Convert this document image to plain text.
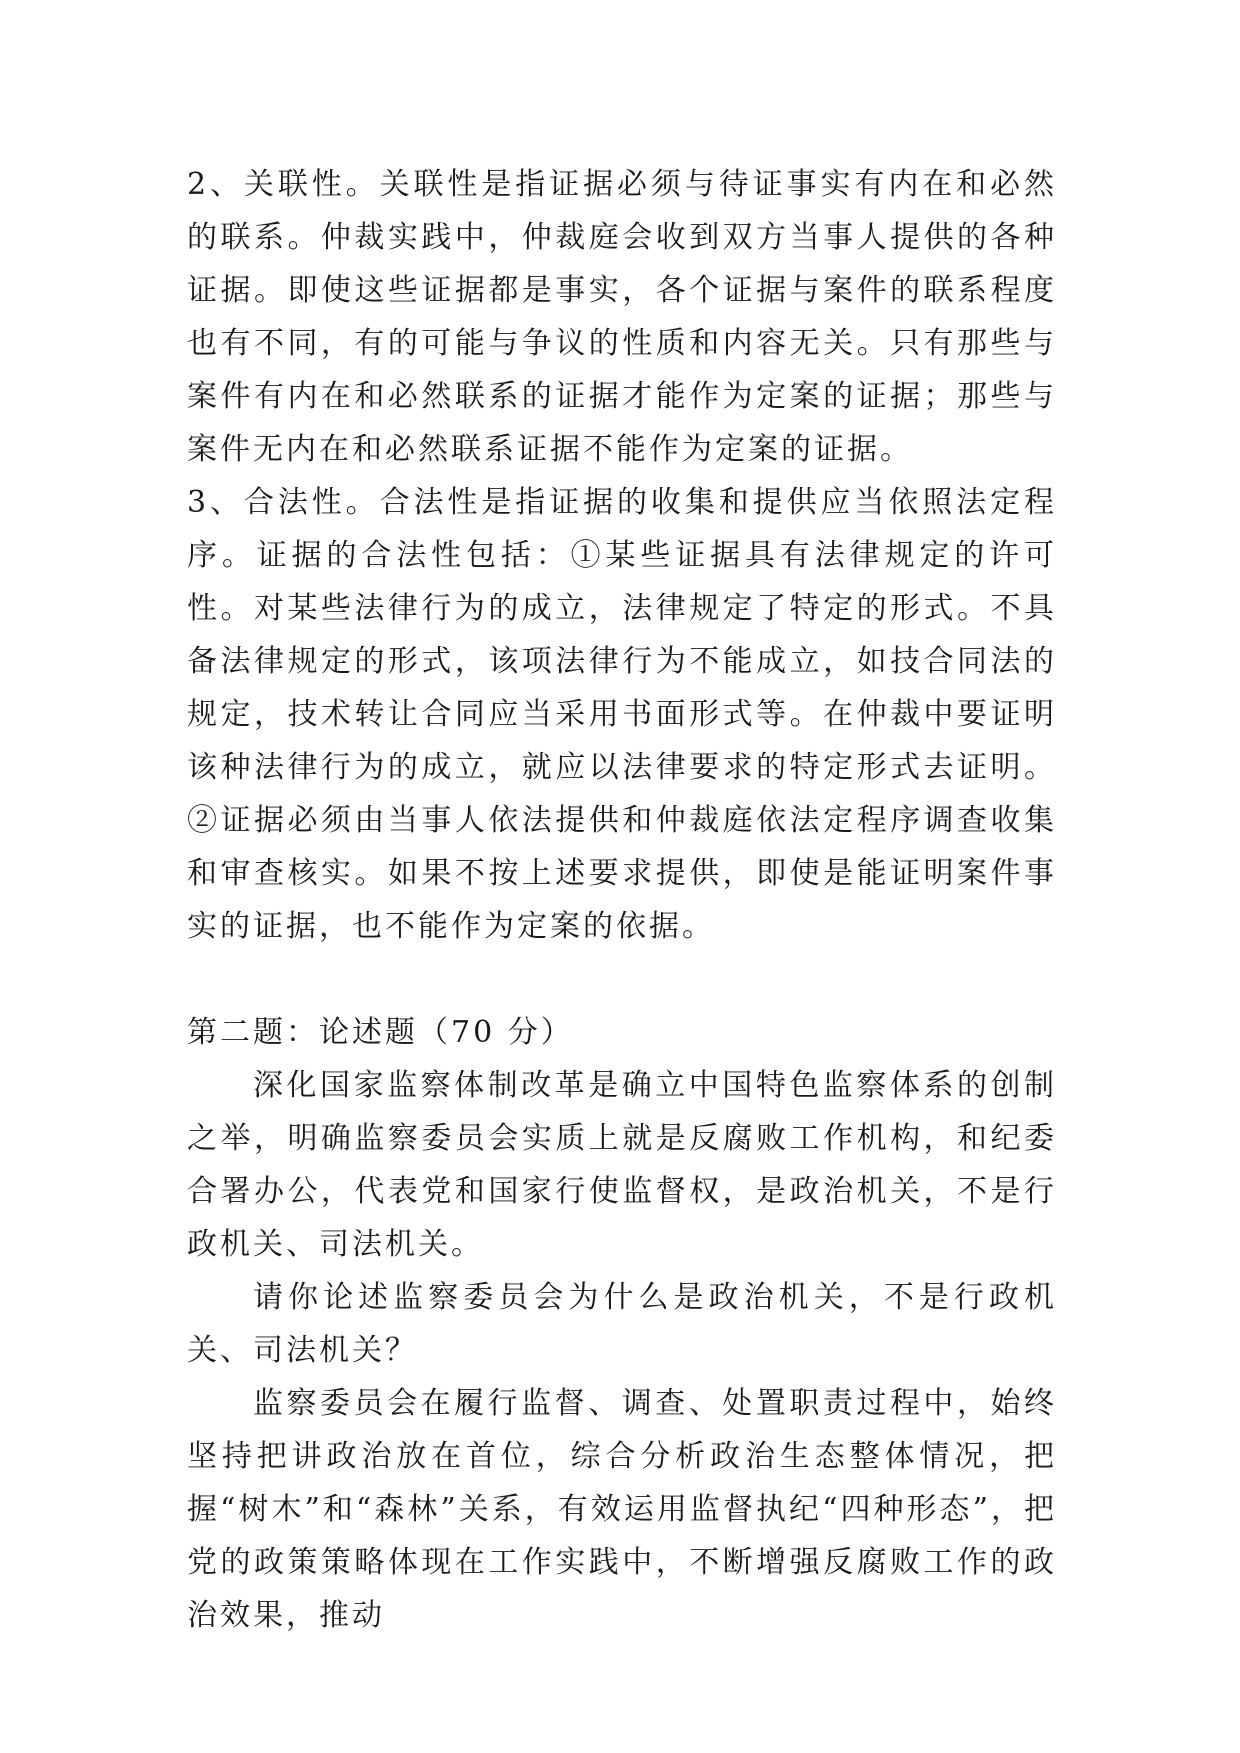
2、关联性。关联性是指证据必须与待证事实有内在和必然的联系。仲裁实践中，仲裁庭会收到双方当事人提供的各种证据。即使这些证据都是事实，各个证据与案件的联系程度也有不同，有的可能与争议的性质和内容无关。只有那些与案件有内在和必然联系的证据才能作为定案的证据；那些与案件无内在和必然联系证据不能作为定案的证据。

3、合法性。合法性是指证据的收集和提供应当依照法定程序。证据的合法性包括：①某些证据具有法律规定的许可性。对某些法律行为的成立，法律规定了特定的形式。不具备法律规定的形式，该项法律行为不能成立，如技合同法的规定，技术转让合同应当采用书面形式等。在仲裁中要证明该种法律行为的成立，就应以法律要求的特定形式去证明。②证据必须由当事人依法提供和仲裁庭依法定程序调查收集和审查核实。如果不按上述要求提供，即使是能证明案件事实的证据，也不能作为定案的依据。

第二题：论述题（70 分）

深化国家监察体制改革是确立中国特色监察体系的创制之举，明确监察委员会实质上就是反腐败工作机构，和纪委合署办公，代表党和国家行使监督权，是政治机关，不是行政机关、司法机关。

请你论述监察委员会为什么是政治机关，不是行政机关、司法机关？

监察委员会在履行监督、调查、处置职责过程中，始终坚持把讲政治放在首位，综合分析政治生态整体情况，把握“树木”和“森林”关系，有效运用监督执纪“四种形态”，把党的政策策略体现在工作实践中，不断增强反腐败工作的政治效果，推动
